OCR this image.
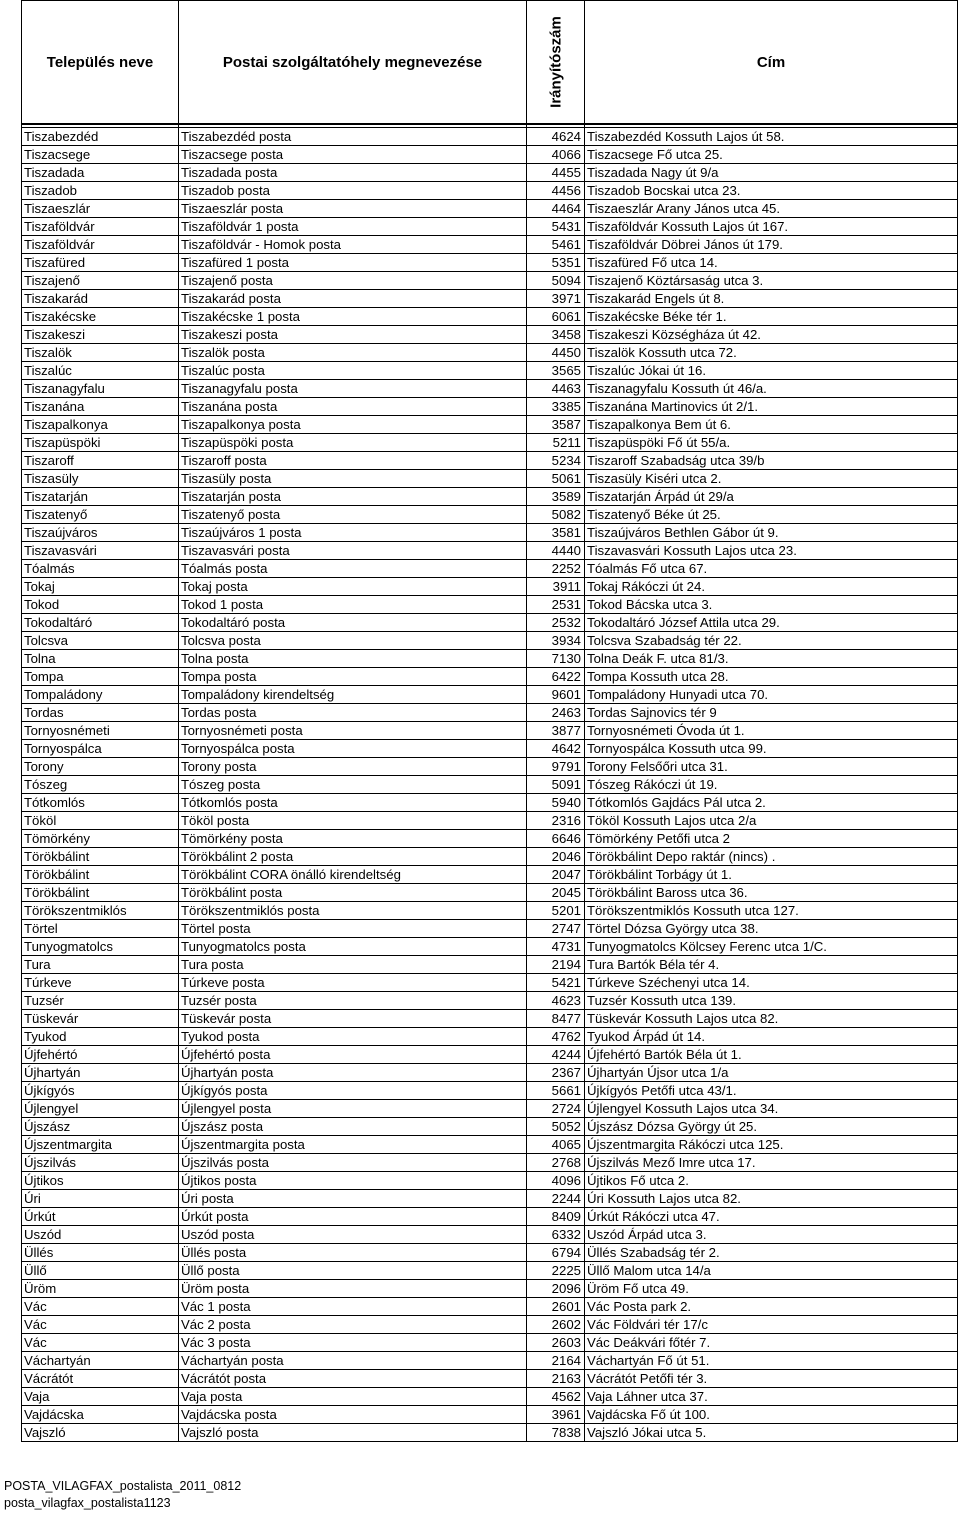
Település neve	Postai szolgáltatóhely megnevezése	Irányítószám	Cím

Tiszabezdéd	Tiszabezdéd posta	4624	Tiszabezdéd Kossuth Lajos út 58.
Tiszacsege	Tiszacsege posta	4066	Tiszacsege Fő utca 25.
Tiszadada	Tiszadada posta	4455	Tiszadada Nagy út 9/a
Tiszadob	Tiszadob posta	4456	Tiszadob Bocskai utca 23.
Tiszaeszlár	Tiszaeszlár posta	4464	Tiszaeszlár Arany János utca 45.
Tiszaföldvár	Tiszaföldvár 1 posta	5431	Tiszaföldvár Kossuth Lajos út 167.
Tiszaföldvár	Tiszaföldvár - Homok posta	5461	Tiszaföldvár Döbrei János út 179.
Tiszafüred	Tiszafüred 1 posta	5351	Tiszafüred Fő utca 14.
Tiszajenő	Tiszajenő posta	5094	Tiszajenő Köztársaság utca 3.
Tiszakarád	Tiszakarád posta	3971	Tiszakarád Engels út 8.
Tiszakécske	Tiszakécske 1 posta	6061	Tiszakécske Béke tér 1.
Tiszakeszi	Tiszakeszi posta	3458	Tiszakeszi Községháza út 42.
Tiszalök	Tiszalök posta	4450	Tiszalök Kossuth utca 72.
Tiszalúc	Tiszalúc posta	3565	Tiszalúc Jókai út 16.
Tiszanagyfalu	Tiszanagyfalu posta	4463	Tiszanagyfalu Kossuth út 46/a.
Tiszanána	Tiszanána posta	3385	Tiszanána Martinovics út 2/1.
Tiszapalkonya	Tiszapalkonya posta	3587	Tiszapalkonya Bem út 6.
Tiszapüspöki	Tiszapüspöki posta	5211	Tiszapüspöki Fő út 55/a.
Tiszaroff	Tiszaroff posta	5234	Tiszaroff Szabadság utca 39/b
Tiszasüly	Tiszasüly posta	5061	Tiszasüly Kiséri utca 2.
Tiszatarján	Tiszatarján posta	3589	Tiszatarján Árpád út 29/a
Tiszatenyő	Tiszatenyő posta	5082	Tiszatenyő Béke út 25.
Tiszaújváros	Tiszaújváros 1 posta	3581	Tiszaújváros Bethlen Gábor út 9.
Tiszavasvári	Tiszavasvári posta	4440	Tiszavasvári Kossuth Lajos utca 23.
Tóalmás	Tóalmás posta	2252	Tóalmás Fő utca 67.
Tokaj	Tokaj posta	3911	Tokaj Rákóczi út 24.
Tokod	Tokod 1 posta	2531	Tokod Bácska utca 3.
Tokodaltáró	Tokodaltáró posta	2532	Tokodaltáró József Attila utca 29.
Tolcsva	Tolcsva posta	3934	Tolcsva Szabadság tér 22.
Tolna	Tolna posta	7130	Tolna Deák F. utca 81/3.
Tompa	Tompa posta	6422	Tompa Kossuth utca 28.
Tompaládony	Tompaládony kirendeltség	9601	Tompaládony Hunyadi utca 70.
Tordas	Tordas posta	2463	Tordas Sajnovics tér 9
Tornyosnémeti	Tornyosnémeti posta	3877	Tornyosnémeti Óvoda út 1.
Tornyospálca	Tornyospálca posta	4642	Tornyospálca Kossuth utca 99.
Torony	Torony posta	9791	Torony Felsőőri utca 31.
Tószeg	Tószeg posta	5091	Tószeg Rákóczi út 19.
Tótkomlós	Tótkomlós posta	5940	Tótkomlós Gajdács Pál utca 2.
Tököl	Tököl posta	2316	Tököl Kossuth Lajos utca 2/a
Tömörkény	Tömörkény posta	6646	Tömörkény Petőfi utca 2
Törökbálint	Törökbálint 2 posta	2046	Törökbálint Depo raktár (nincs) .
Törökbálint	Törökbálint CORA önálló kirendeltség	2047	Törökbálint Torbágy út 1.
Törökbálint	Törökbálint posta	2045	Törökbálint Baross utca 36.
Törökszentmiklós	Törökszentmiklós posta	5201	Törökszentmiklós Kossuth utca 127.
Törtel	Törtel posta	2747	Törtel Dózsa György utca 38.
Tunyogmatolcs	Tunyogmatolcs posta	4731	Tunyogmatolcs Kölcsey Ferenc utca 1/C.
Tura	Tura posta	2194	Tura Bartók Béla tér 4.
Túrkeve	Túrkeve posta	5421	Túrkeve Széchenyi utca 14.
Tuzsér	Tuzsér posta	4623	Tuzsér Kossuth utca 139.
Tüskevár	Tüskevár posta	8477	Tüskevár Kossuth Lajos utca 82.
Tyukod	Tyukod posta	4762	Tyukod Árpád út 14.
Újfehértó	Újfehértó posta	4244	Újfehértó Bartók Béla út 1.
Újhartyán	Újhartyán posta	2367	Újhartyán Újsor utca 1/a
Újkígyós	Újkígyós posta	5661	Újkígyós Petőfi utca 43/1.
Újlengyel	Újlengyel posta	2724	Újlengyel Kossuth Lajos utca 34.
Újszász	Újszász posta	5052	Újszász Dózsa György út 25.
Újszentmargita	Újszentmargita posta	4065	Újszentmargita Rákóczi utca 125.
Újszilvás	Újszilvás posta	2768	Újszilvás Mező Imre utca 17.
Újtikos	Újtikos posta	4096	Újtikos Fő utca 2.
Úri	Úri posta	2244	Úri Kossuth Lajos utca 82.
Úrkút	Úrkút posta	8409	Úrkút Rákóczi utca 47.
Uszód	Uszód posta	6332	Uszód Árpád utca 3.
Üllés	Üllés posta	6794	Üllés Szabadság tér 2.
Üllő	Üllő posta	2225	Üllő Malom utca 14/a
Üröm	Üröm posta	2096	Üröm Fő utca 49.
Vác	Vác 1 posta	2601	Vác Posta park 2.
Vác	Vác 2 posta	2602	Vác Földvári tér 17/c
Vác	Vác 3 posta	2603	Vác Deákvári főtér 7.
Váchartyán	Váchartyán posta	2164	Váchartyán Fő út 51.
Vácrátót	Vácrátót posta	2163	Vácrátót Petőfi tér 3.
Vaja	Vaja posta	4562	Vaja Láhner utca 37.
Vajdácska	Vajdácska posta	3961	Vajdácska Fő út 100.
Vajszló	Vajszló posta	7838	Vajszló Jókai utca 5.
POSTA_VILAGFAX_postalista_2011_0812
posta_vilagfax_postalista1123
